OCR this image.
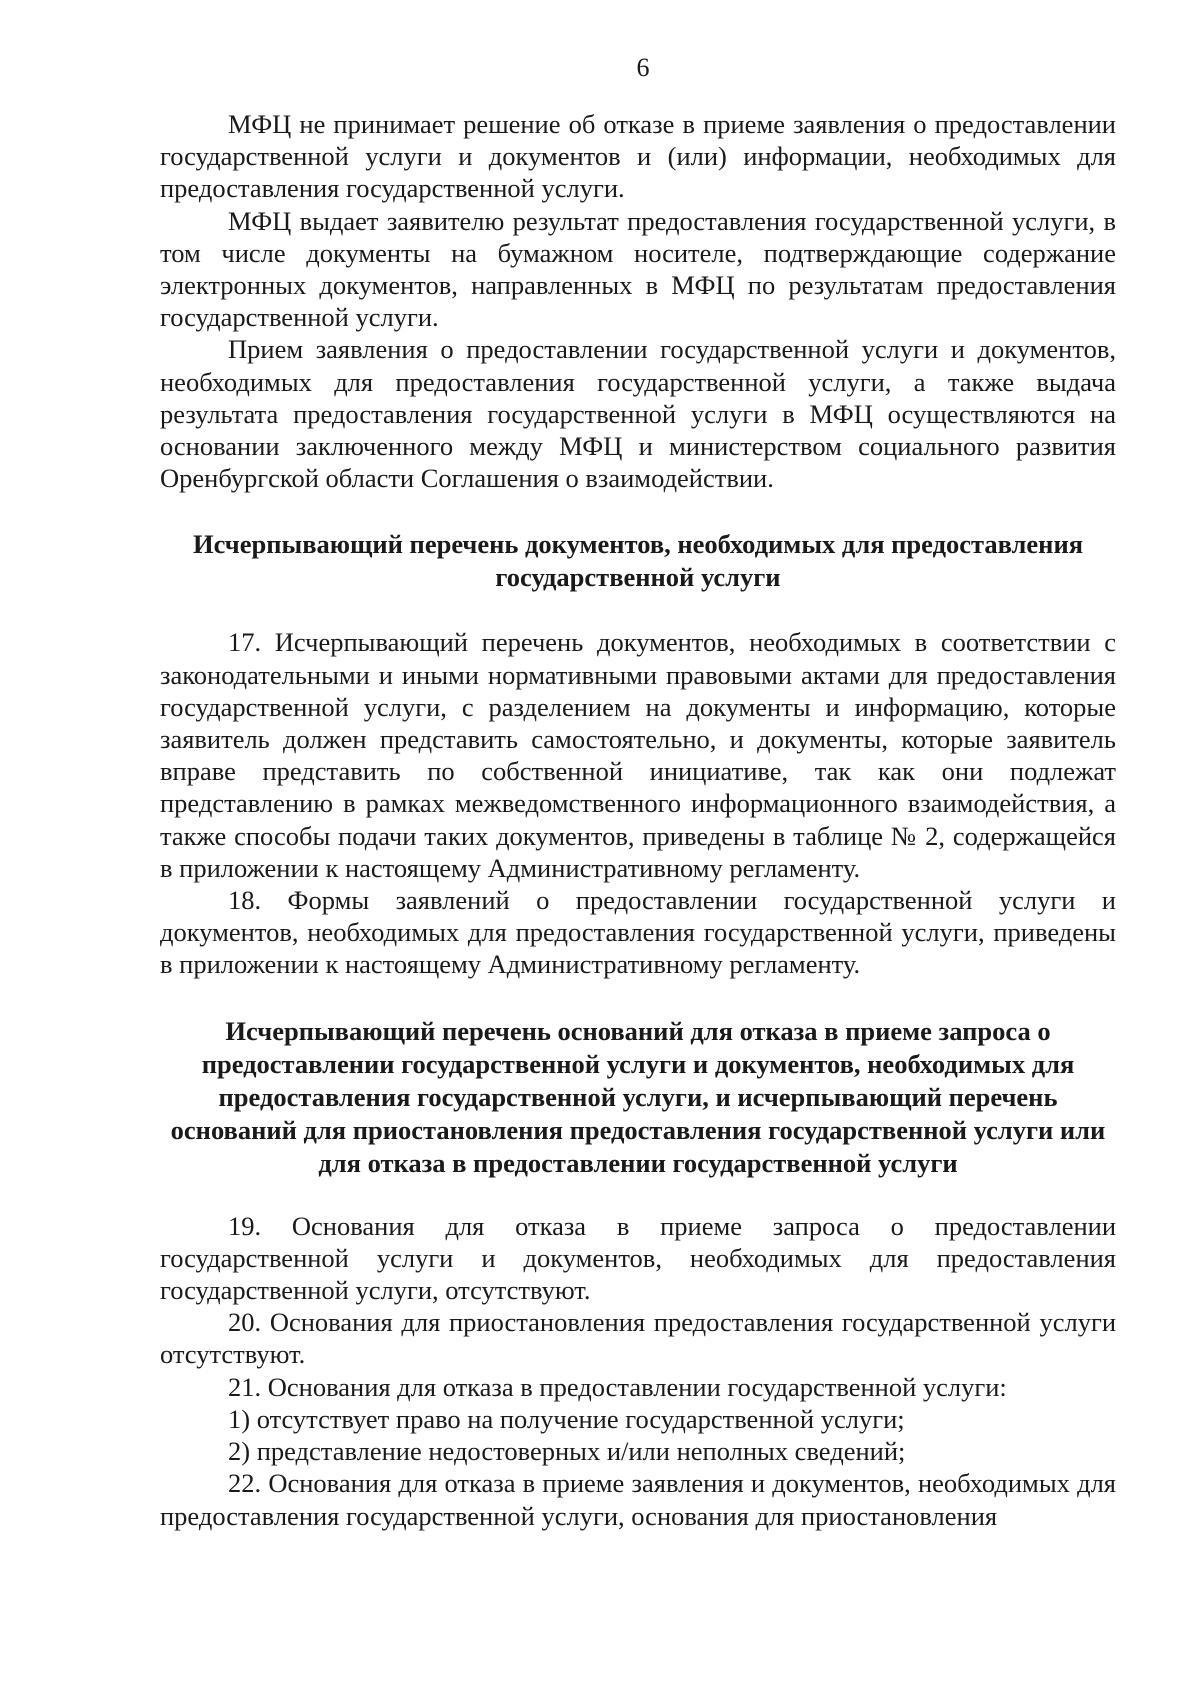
6

МФЦ не принимает решение об отказе в приеме заявления о предоставлении государственной услуги и документов и (или) информации, необходимых для предоставления государственной услуги.

МФЦ выдает заявителю результат предоставления государственной услуги, в том числе документы на бумажном носителе, подтверждающие содержание электронных документов, направленных в МФЦ по результатам предоставления государственной услуги.

Прием заявления о предоставлении государственной услуги и документов, необходимых для предоставления государственной услуги, а также выдача результата предоставления государственной услуги в МФЦ осуществляются на основании заключенного между МФЦ и министерством социального развития Оренбургской области Соглашения о взаимодействии.

Исчерпывающий перечень документов, необходимых для предоставления государственной услуги

17. Исчерпывающий перечень документов, необходимых в соответствии с законодательными и иными нормативными правовыми актами для предоставления государственной услуги, с разделением на документы и информацию, которые заявитель должен представить самостоятельно, и документы, которые заявитель вправе представить по собственной инициативе, так как они подлежат представлению в рамках межведомственного информационного взаимодействия, а также способы подачи таких документов, приведены в таблице № 2, содержащейся в приложении к настоящему Административному регламенту.

18. Формы заявлений о предоставлении государственной услуги и документов, необходимых для предоставления государственной услуги, приведены в приложении к настоящему Административному регламенту.

Исчерпывающий перечень оснований для отказа в приеме запроса о предоставлении государственной услуги и документов, необходимых для предоставления государственной услуги, и исчерпывающий перечень оснований для приостановления предоставления государственной услуги или для отказа в предоставлении государственной услуги

19. Основания для отказа в приеме запроса о предоставлении государственной услуги и документов, необходимых для предоставления государственной услуги, отсутствуют.

20. Основания для приостановления предоставления государственной услуги отсутствуют.

21. Основания для отказа в предоставлении государственной услуги:

1) отсутствует право на получение государственной услуги;

2) представление недостоверных и/или неполных сведений;

22. Основания для отказа в приеме заявления и документов, необходимых для предоставления государственной услуги, основания для приостановления
